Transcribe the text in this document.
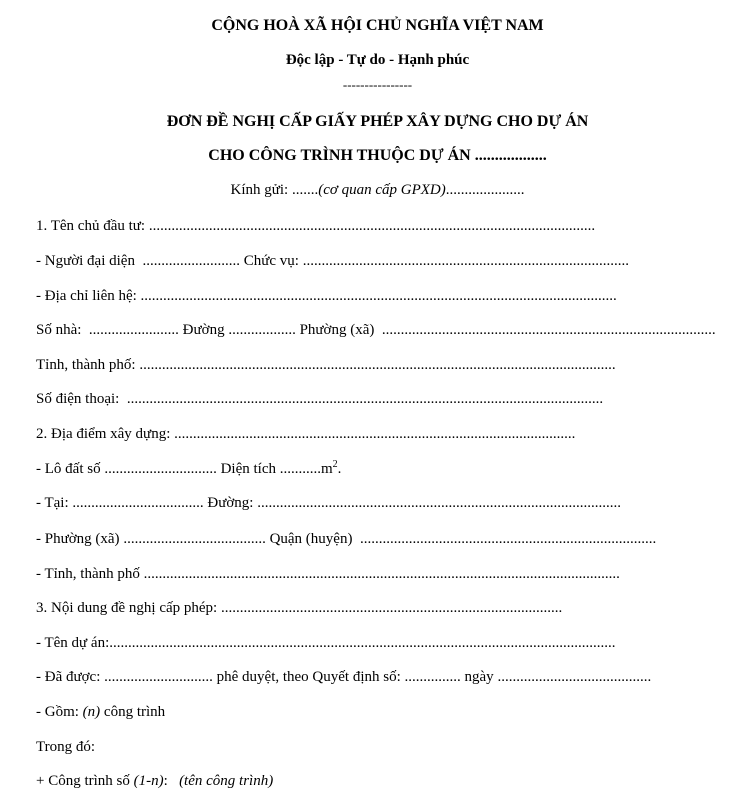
CỘNG HOÀ XÃ HỘI CHỦ NGHĨA VIỆT NAM
Độc lập - Tự do - Hạnh phúc
----------------
ĐƠN ĐỀ NGHỊ CẤP GIẤY PHÉP XÂY DỰNG CHO DỰ ÁN
CHO CÔNG TRÌNH THUỘC DỰ ÁN ..................
Kính gửi: .......(cơ quan cấp GPXD).....................
1. Tên chủ đầu tư: .......................................................................................................................
- Người đại diện  .......................... Chức vụ: .......................................................................................
- Địa chỉ liên hệ: ...............................................................................................................................
Số nhà:  ........................ Đường .................. Phường (xã)  .........................................................................................
Tỉnh, thành phố: ...............................................................................................................................
Số điện thoại:  ...............................................................................................................................
2. Địa điểm xây dựng: ...........................................................................................................
- Lô đất số .............................. Diện tích $...........m^2$.
- Tại: ................................... Đường: .................................................................................................
- Phường (xã) ...................................... Quận (huyện)  ...............................................................................
- Tỉnh, thành phố ...............................................................................................................................
3. Nội dung đề nghị cấp phép: ...........................................................................................
- Tên dự án:.......................................................................................................................................
- Đã được: ............................. phê duyệt, theo Quyết định số: ............... ngày .........................................
- Gồm: (n) công trình
Trong đó:
+ Công trình số (1-n):   (tên công trình)
